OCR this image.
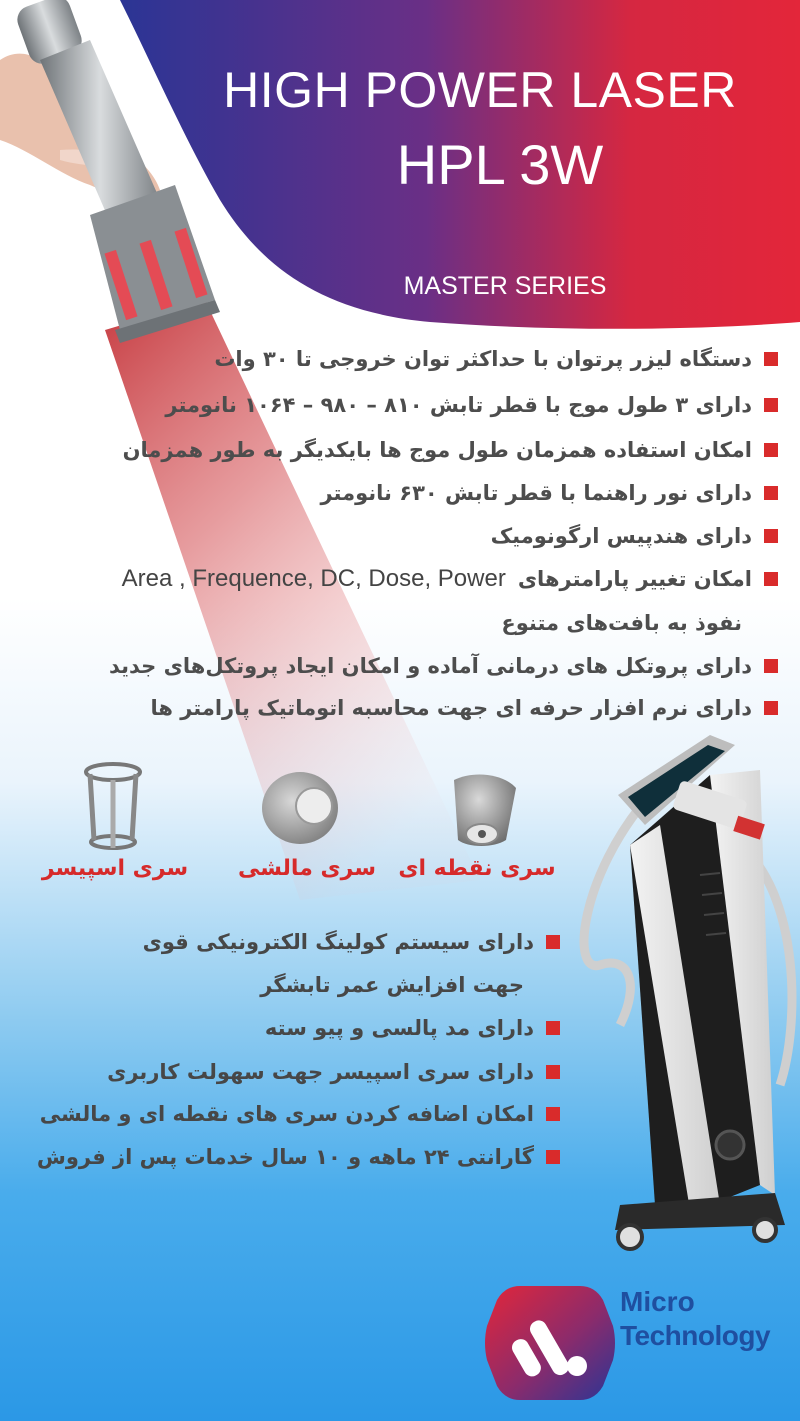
HIGH POWER LASER
HPL 3W
MASTER SERIES
دستگاه لیزر پرتوان با حداکثر توان خروجی تا ۳۰ وات
دارای ۳ طول موج با قطر تابش ۸۱۰ – ۹۸۰ – ۱۰۶۴ نانومتر
امکان استفاده همزمان طول موج ها بایکدیگر به طور همزمان
دارای نور راهنما با قطر تابش ۶۳۰ نانومتر
دارای هندپیس ارگونومیک
امکان تغییر پارامترهای
Area , Frequence, DC, Dose, Power
نفوذ به بافت‌های متنوع
دارای پروتکل‌ های درمانی آماده و امکان ایجاد پروتکل‌های جدید
دارای نرم افزار حرفه ای جهت محاسبه اتوماتیک پارامتر ها
سری اسپیسر	سری مالشی	سری نقطه ای
دارای سیستم کولینگ الکترونیکی قوی
جهت افزایش عمر تابشگر
دارای مد پالسی و پیو سته
دارای سری اسپیسر جهت سهولت کاربری
امکان اضافه کردن سری های نقطه ای و مالشی
گارانتی ۲۴ ماهه و ۱۰ سال خدمات پس از فروش
Micro
Technology
